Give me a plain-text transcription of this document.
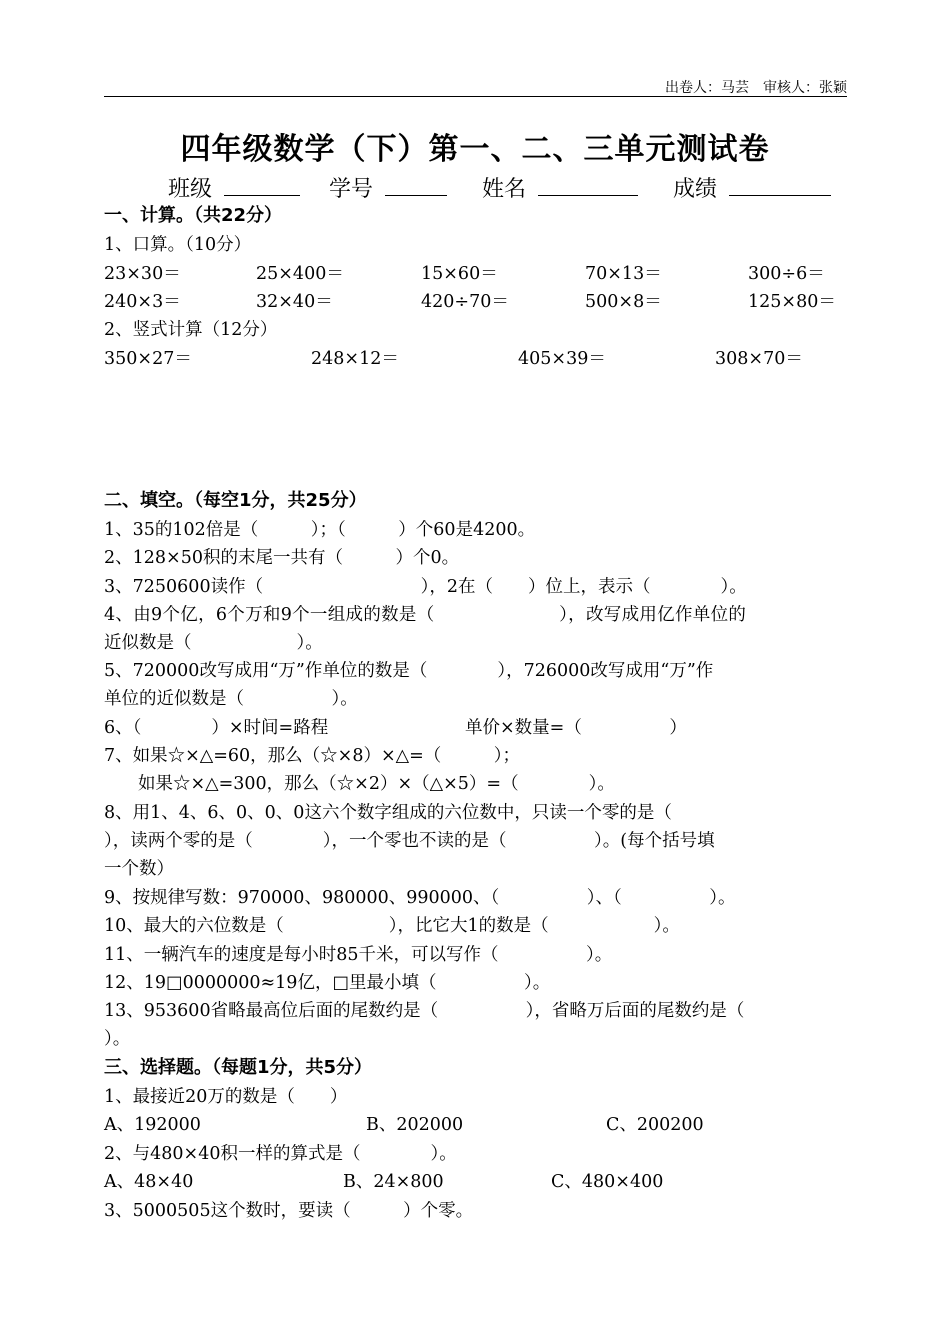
出卷人：马芸　审核人：张颖
四年级数学（下）第一、二、三单元测试卷
班级	学号	姓名	成绩
一、计算。（共22分）
1、口算。（10分）
23×30＝	25×400＝	15×60＝	70×13＝	300÷6＝
240×3＝	32×40＝	420÷70＝	500×8＝	125×80＝
2、竖式计算（12分）
350×27＝	248×12＝	405×39＝	308×70＝
二、填空。（每空1分，共25分）
1、35的102倍是（　　　）；（　　　）个60是4200。
2、128×50积的末尾一共有（　　　）个0。
3、7250600读作（　　　　　　　　　），2在（　　）位上，表示（　　　　）。
4、由9个亿，6个万和9个一组成的数是（　　　　　　　），改写成用亿作单位的
近似数是（　　　　　　）。
5、720000改写成用“万”作单位的数是（　　　　），726000改写成用“万”作
单位的近似数是（　　　　　）。
6、（　　　　）×时间=路程	单价×数量=（　　　　　）
7、如果☆×△=60，那么（☆×8）×△=（　　　）；
如果☆×△=300，那么（☆×2）×（△×5）=（　　　　）。
8、用1、4、6、0、0、0这六个数字组成的六位数中，只读一个零的是（
），读两个零的是（　　　　），一个零也不读的是（　　　　　）。(每个括号填
一个数）
9、按规律写数：970000、980000、990000、（　　　　　）、（　　　　　）。
10、最大的六位数是（　　　　　　），比它大1的数是（　　　　　　）。
11、一辆汽车的速度是每小时85千米，可以写作（　　　　　）。
12、19□0000000≈19亿，□里最小填（　　　　　）。
13、953600省略最高位后面的尾数约是（　　　　　），省略万后面的尾数约是（
）。
三、选择题。（每题1分，共5分）
1、最接近20万的数是（　　）
A、192000	B、202000	C、200200
2、与480×40积一样的算式是（　　　　）。
A、48×40	B、24×800	C、480×400
3、5000505这个数时，要读（　　　）个零。
